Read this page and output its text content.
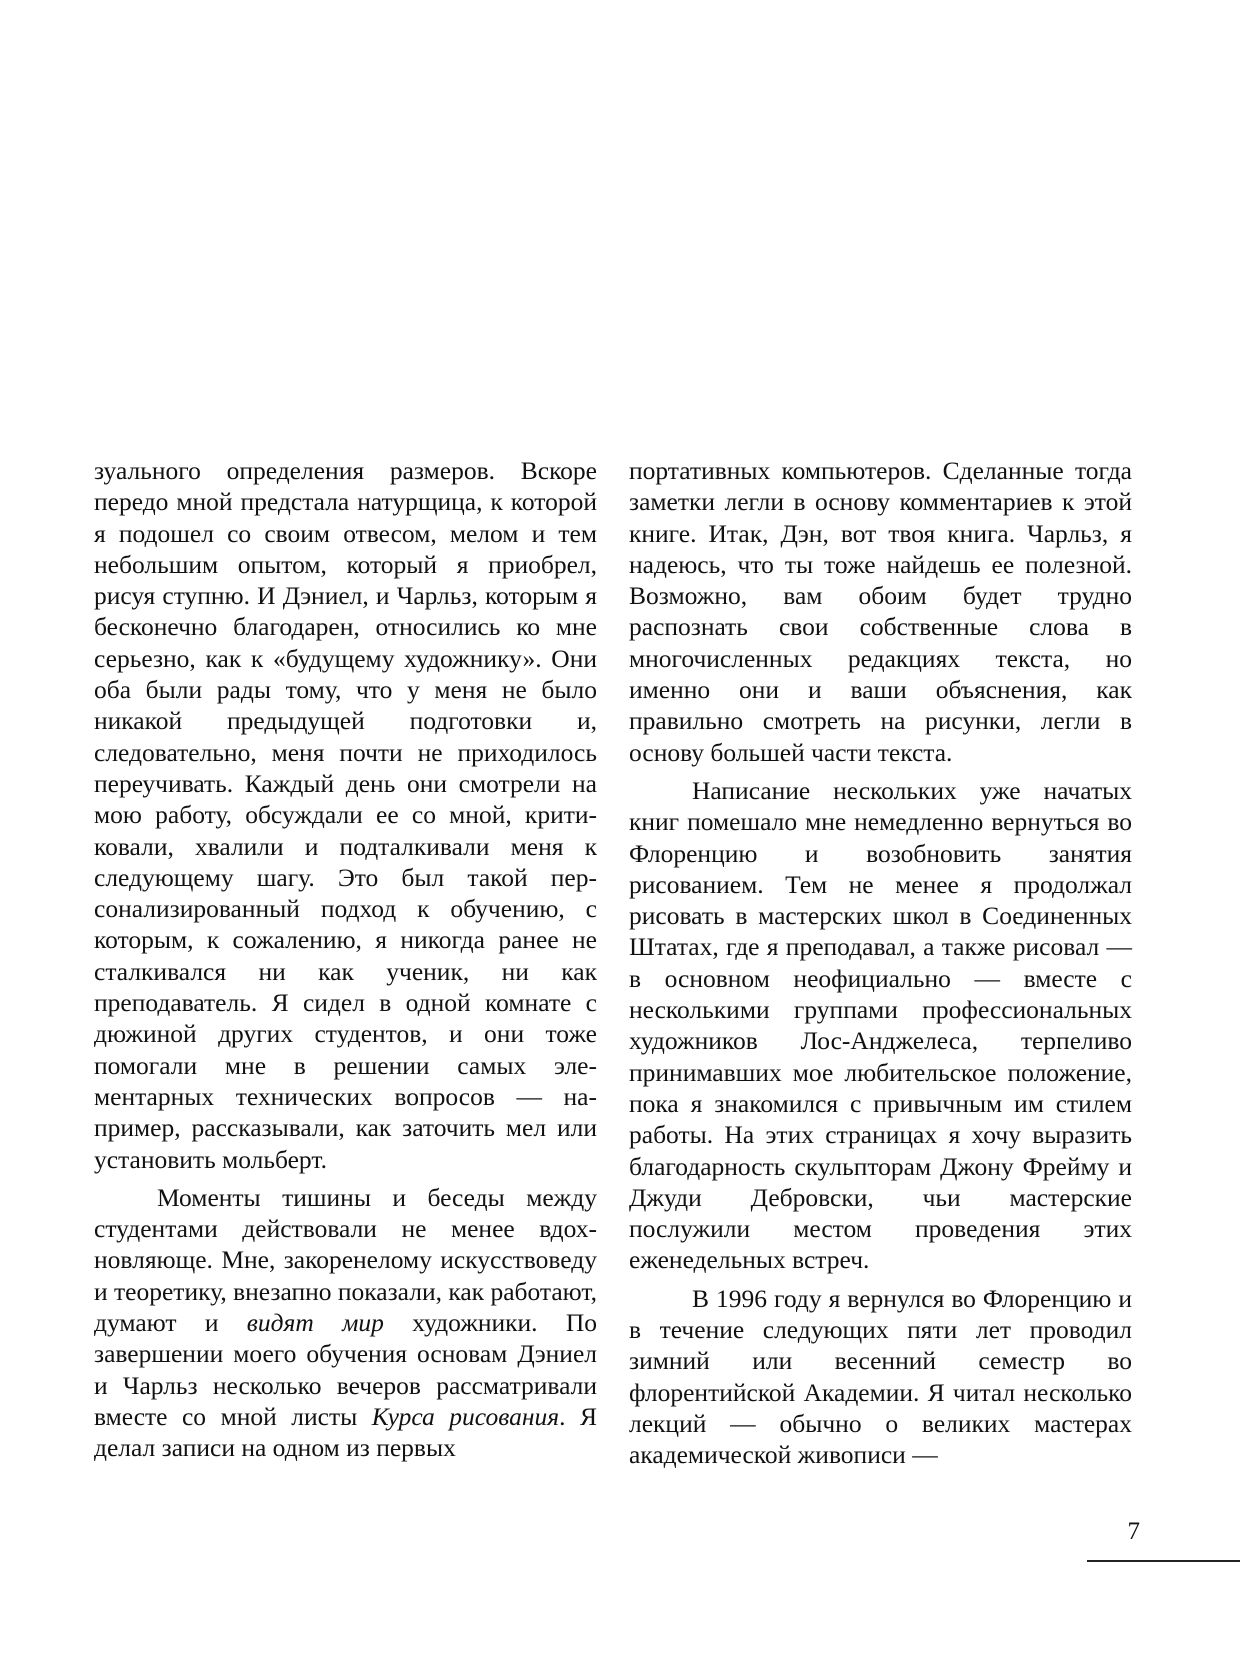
зуального определения размеров. Вскоре передо мной предстала натурщица, к которой я подошел со своим отвесом, мелом и тем небольшим опытом, который я приобрел, рисуя ступню. И Дэниел, и Чарльз, которым я бесконечно благодарен, относились ко мне серьезно, как к «будущему художнику». Они оба были рады тому, что у меня не было никакой предыдущей подготовки и, следовательно, меня почти не приходилось переучивать. Каждый день они смотрели на мою работу, обсуждали ее со мной, критиковали, хвалили и подталкивали меня к следующему шагу. Это был такой персонализированный подход к обучению, с которым, к сожалению, я никогда ранее не сталкивался ни как ученик, ни как преподаватель. Я сидел в одной комнате с дюжиной других студентов, и они тоже помогали мне в решении самых элементарных технических вопросов — например, рассказывали, как заточить мел или установить мольберт.

Моменты тишины и беседы между студентами действовали не менее вдохновляюще. Мне, закоренелому искусствоведу и теоретику, внезапно показали, как работают, думают и видят мир художники. По завершении моего обучения основам Дэниел и Чарльз несколько вечеров рассматривали вместе со мной листы Курса рисования. Я делал записи на одном из первых

портативных компьютеров. Сделанные тогда заметки легли в основу комментариев к этой книге. Итак, Дэн, вот твоя книга. Чарльз, я надеюсь, что ты тоже найдешь ее полезной. Возможно, вам обоим будет трудно распознать свои собственные слова в многочисленных редакциях текста, но именно они и ваши объяснения, как правильно смотреть на рисунки, легли в основу большей части текста.

Написание нескольких уже начатых книг помешало мне немедленно вернуться во Флоренцию и возобновить занятия рисованием. Тем не менее я продолжал рисовать в мастерских школ в Соединенных Штатах, где я преподавал, а также рисовал — в основном неофициально — вместе с несколькими группами профессиональных художников Лос-Анджелеса, терпеливо принимавших мое любительское положение, пока я знакомился с привычным им стилем работы. На этих страницах я хочу выразить благодарность скульпторам Джону Фрейму и Джуди Дебровски, чьи мастерские послужили местом проведения этих еженедельных встреч.

В 1996 году я вернулся во Флоренцию и в течение следующих пяти лет проводил зимний или весенний семестр во флорентийской Академии. Я читал несколько лекций — обычно о великих мастерах академической живописи —

7
